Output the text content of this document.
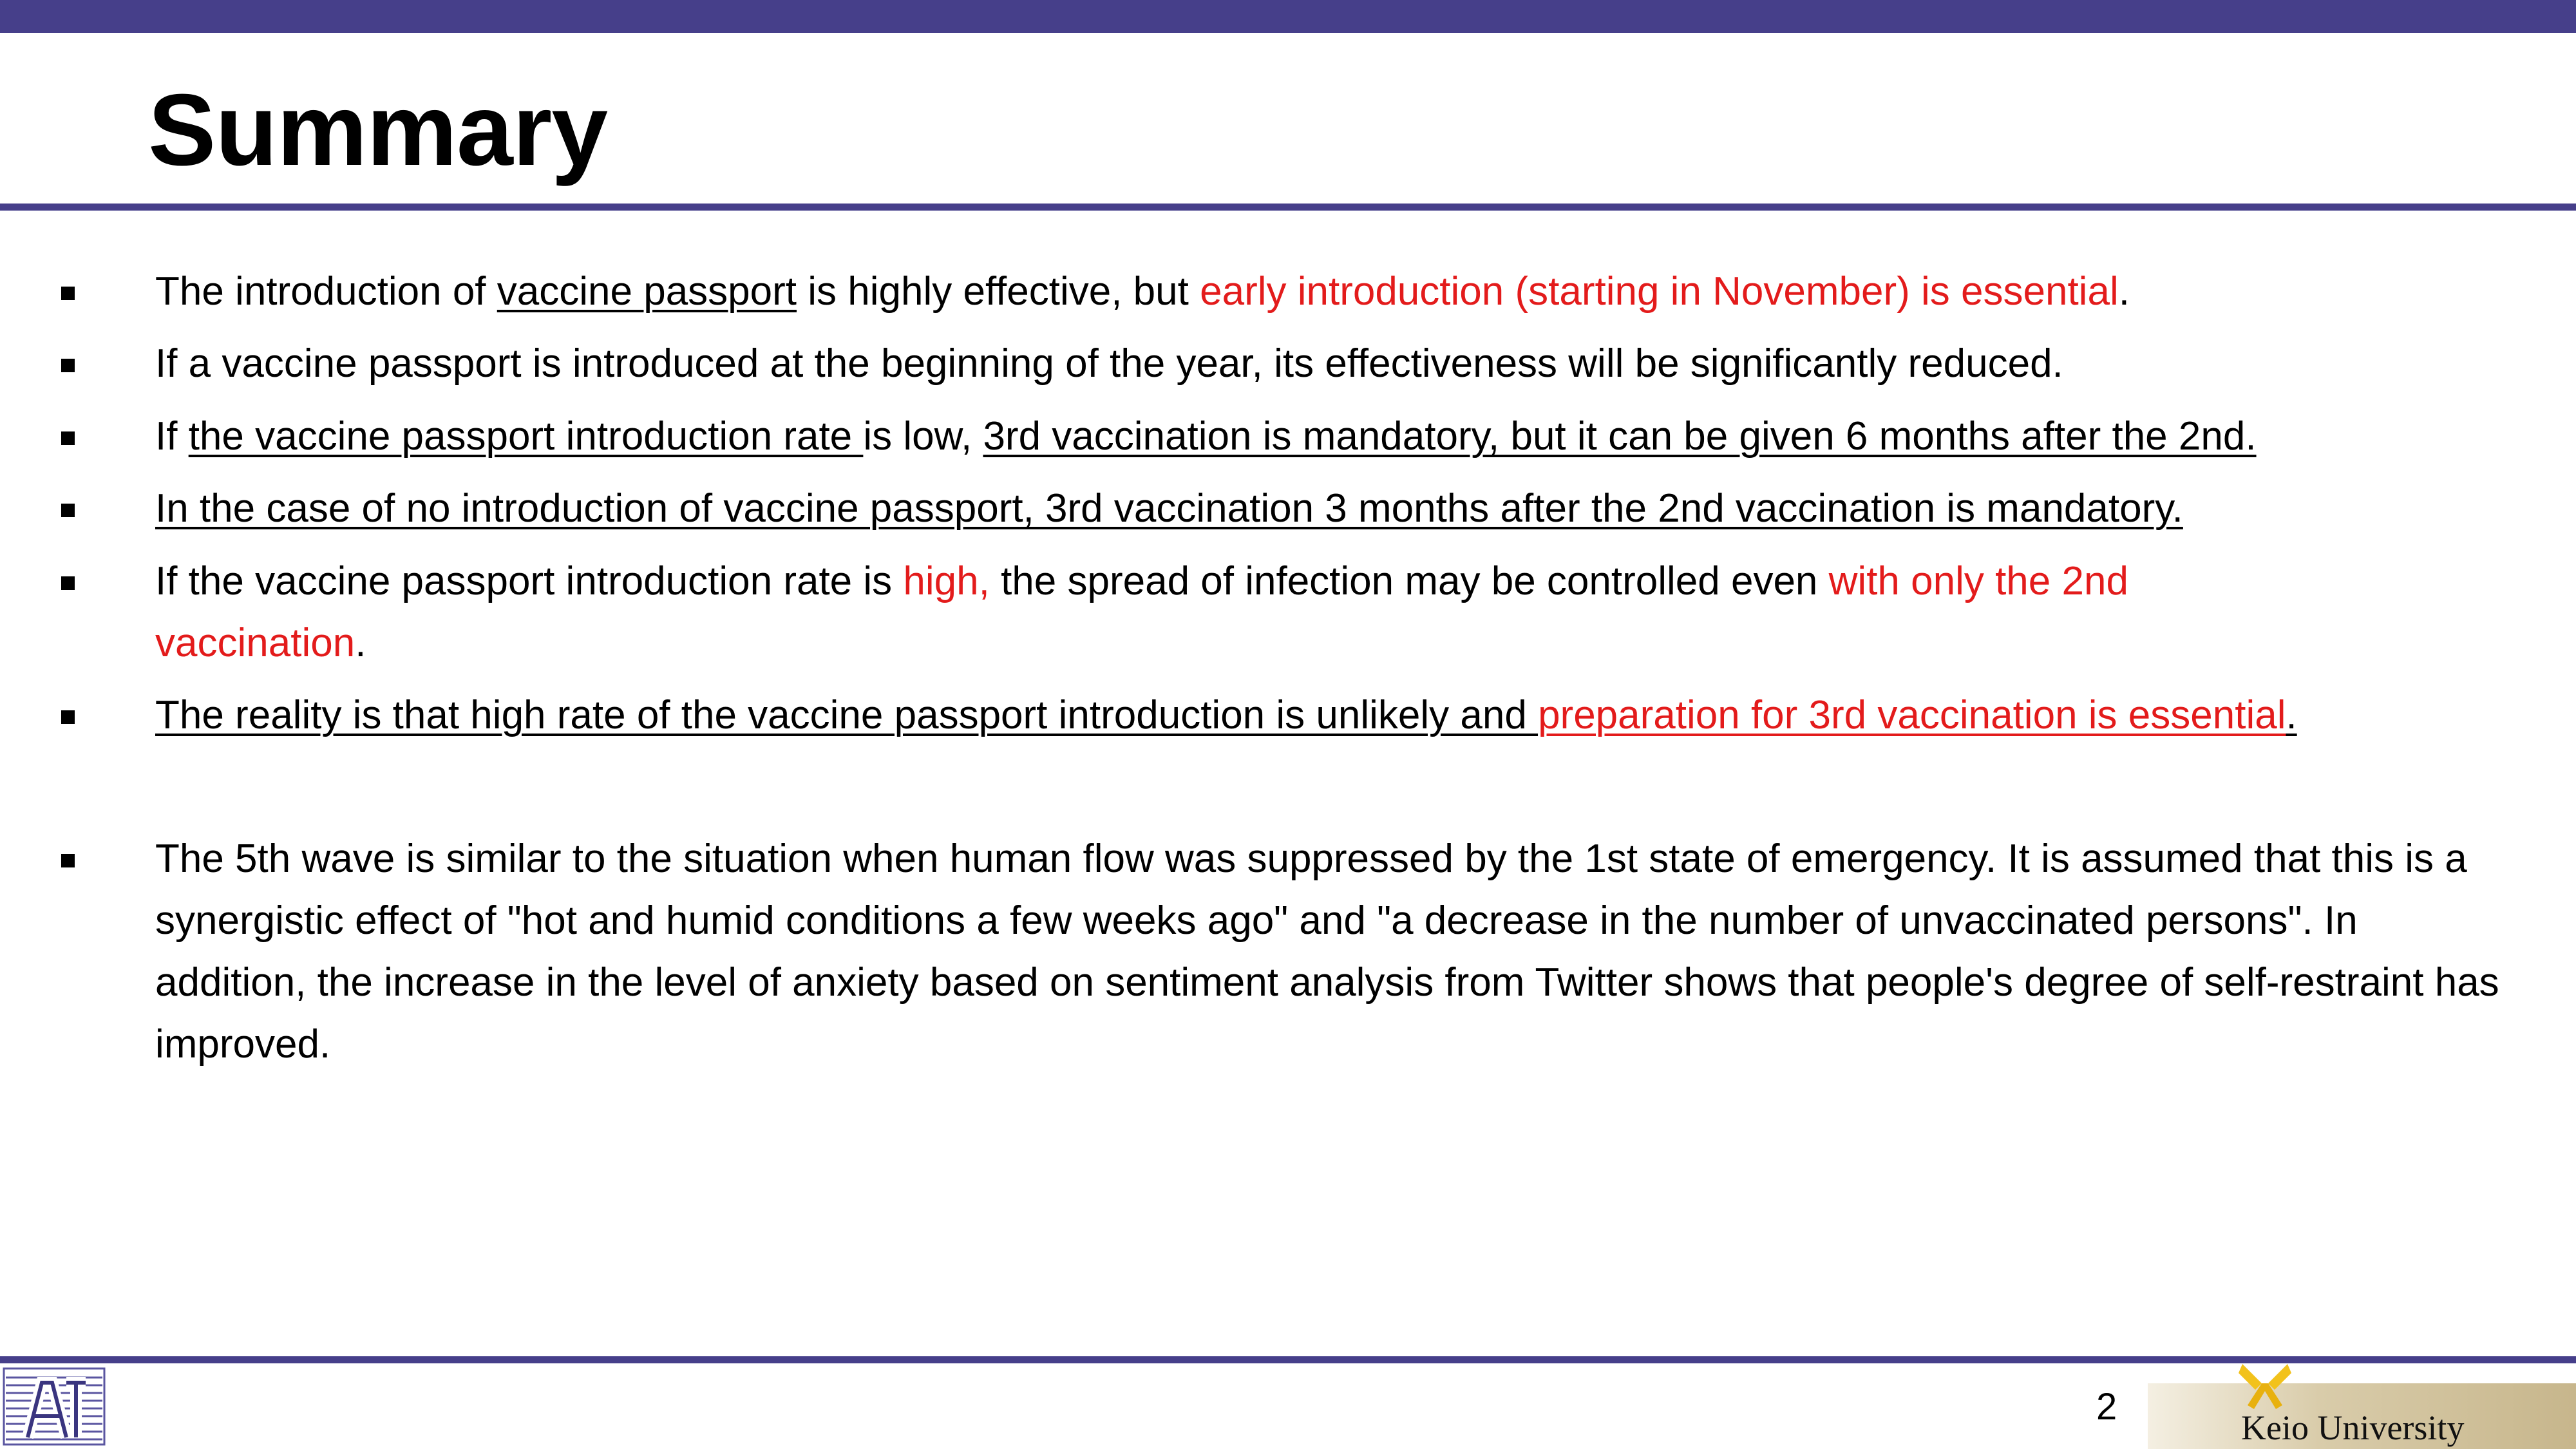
Summary
The introduction of vaccine passport is highly effective, but early introduction (starting in November) is essential.
If a vaccine passport is introduced at the beginning of the year, its effectiveness will be significantly reduced.
If the vaccine passport introduction rate is low, 3rd vaccination is mandatory, but it can be given 6 months after the 2nd.
In the case of no introduction of vaccine passport, 3rd vaccination 3 months after the 2nd vaccination is mandatory.
If the vaccine passport introduction rate is high, the spread of infection may be controlled even with only the 2nd vaccination.
The reality is that high rate of the vaccine passport introduction is unlikely and preparation for 3rd vaccination is essential.
The 5th wave is similar to the situation when human flow was suppressed by the 1st state of emergency. It is assumed that this is a synergistic effect of "hot and humid conditions a few weeks ago" and "a decrease in the number of unvaccinated persons". In addition, the increase in the level of anxiety based on sentiment analysis from Twitter shows that people's degree of self-restraint has improved.
2	Keio University
